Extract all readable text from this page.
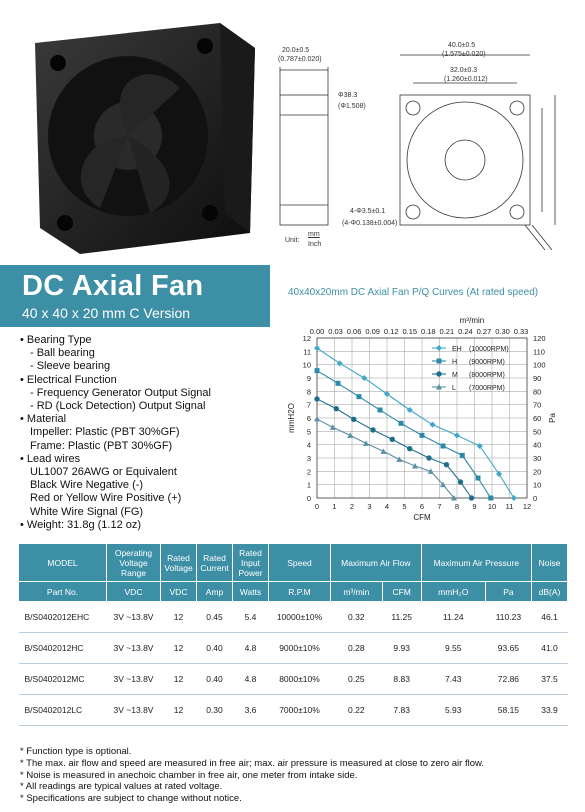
20.0±0.5
(0.787±0.020)
Φ38.3
(Φ1.508)
40.0±0.5
(1.575±0.020)
32.0±0.3
(1.260±0.012)
4-Φ3.5±0.1
(4-Φ0.138±0.004)
Unit:
mm
Inch
DC Axial Fan
40 x 40 x 20 mm C Version
40x40x20mm DC Axial Fan P/Q Curves (At rated speed)
• Bearing Type
- Ball bearing
- Sleeve bearing
• Electrical Function
- Frequency Generator Output Signal
- RD (Lock Detection) Output Signal
• Material
Impeller: Plastic (PBT 30%GF)
Frame: Plastic (PBT 30%GF)
• Lead wires
UL1007 26AWG or Equivalent
Black Wire Negative (-)
Red or Yellow Wire Positive (+)
White Wire Signal (FG)
• Weight: 31.8g (1.12 oz)
0 1 2 3 4 5 6 7 8 9 10 11 12
0.00 0.03 0.06 0.09 0.12 0.15 0.18 0.21 0.24 0.27 0.30 0.33
0
1
2
3
4
5
6
7
8
9
10
11
12
0
10
20
30
40
50
60
70
80
90
100
110
120
CFM
m³/min
mmH2O	Pa
EH (10000RPM)
H (9000RPM)
M (8000RPM)
L (7000RPM)
MODEL	Operating Voltage Range	Rated Voltage	Rated Current	Rated Input Power	Speed	Maximum Air Flow		Maximum Air Pressure		Noise
Part No.	VDC	VDC	Amp	Watts	R.P.M	m³/min	CFM	mmH₂O	Pa	dB(A)
B/S0402012EHC	3V ~13.8V	12	0.45	5.4	10000±10%	0.32	11.25	11.24	110.23	46.1
B/S0402012HC	3V ~13.8V	12	0.40	4.8	9000±10%	0.28	9.93	9.55	93.65	41.0
B/S0402012MC	3V ~13.8V	12	0.40	4.8	8000±10%	0.25	8.83	7.43	72.86	37.5
B/S0402012LC	3V ~13.8V	12	0.30	3.6	7000±10%	0.22	7.83	5.93	58.15	33.9
* Function type is optional.
* The max. air flow and speed are measured in free air; max. air pressure is measured at close to zero air flow.
* Noise is measured in anechoic chamber in free air, one meter from intake side.
* All readings are typical values at rated voltage.
* Specifications are subject to change without notice.
